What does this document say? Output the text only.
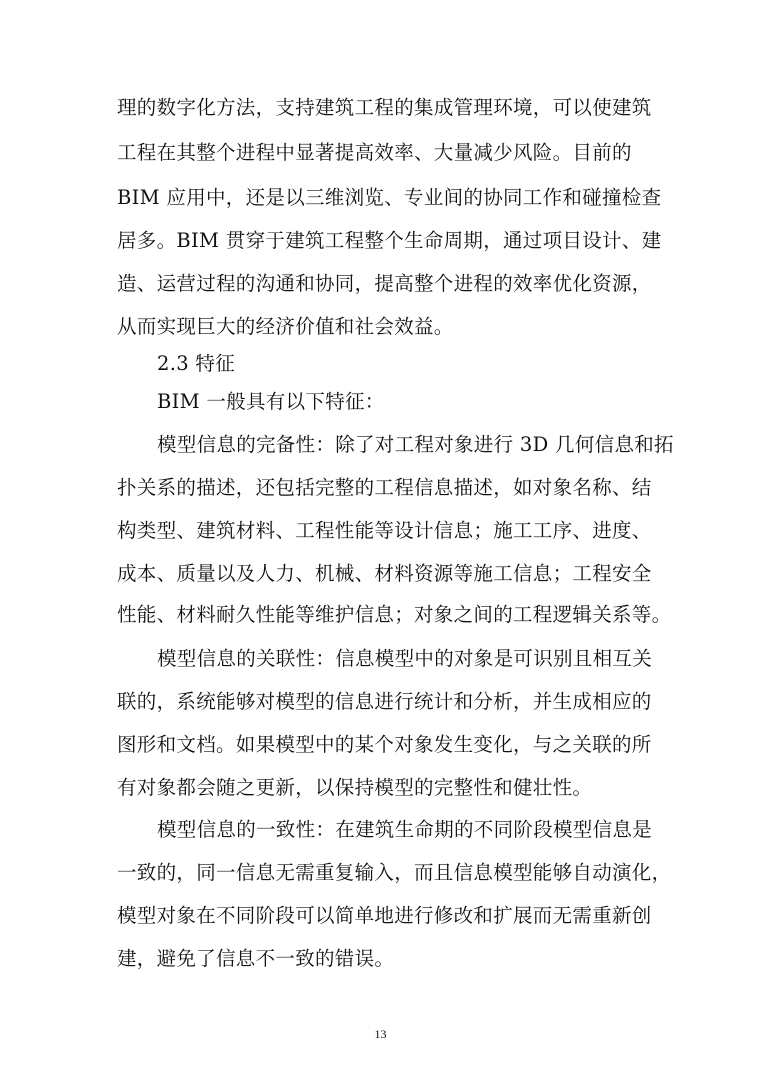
理的数字化方法，支持建筑工程的集成管理环境，可以使建筑
工程在其整个进程中显著提高效率、大量减少风险。目前的
BIM 应用中，还是以三维浏览、专业间的协同工作和碰撞检查
居多。BIM 贯穿于建筑工程整个生命周期，通过项目设计、建
造、运营过程的沟通和协同，提高整个进程的效率优化资源，
从而实现巨大的经济价值和社会效益。
2.3 特征
BIM 一般具有以下特征：
模型信息的完备性：除了对工程对象进行 3D 几何信息和拓
扑关系的描述，还包括完整的工程信息描述，如对象名称、结
构类型、建筑材料、工程性能等设计信息；施工工序、进度、
成本、质量以及人力、机械、材料资源等施工信息；工程安全
性能、材料耐久性能等维护信息；对象之间的工程逻辑关系等。
模型信息的关联性：信息模型中的对象是可识别且相互关
联的，系统能够对模型的信息进行统计和分析，并生成相应的
图形和文档。如果模型中的某个对象发生变化，与之关联的所
有对象都会随之更新，以保持模型的完整性和健壮性。
模型信息的一致性：在建筑生命期的不同阶段模型信息是
一致的，同一信息无需重复输入，而且信息模型能够自动演化，
模型对象在不同阶段可以简单地进行修改和扩展而无需重新创
建，避免了信息不一致的错误。
13
